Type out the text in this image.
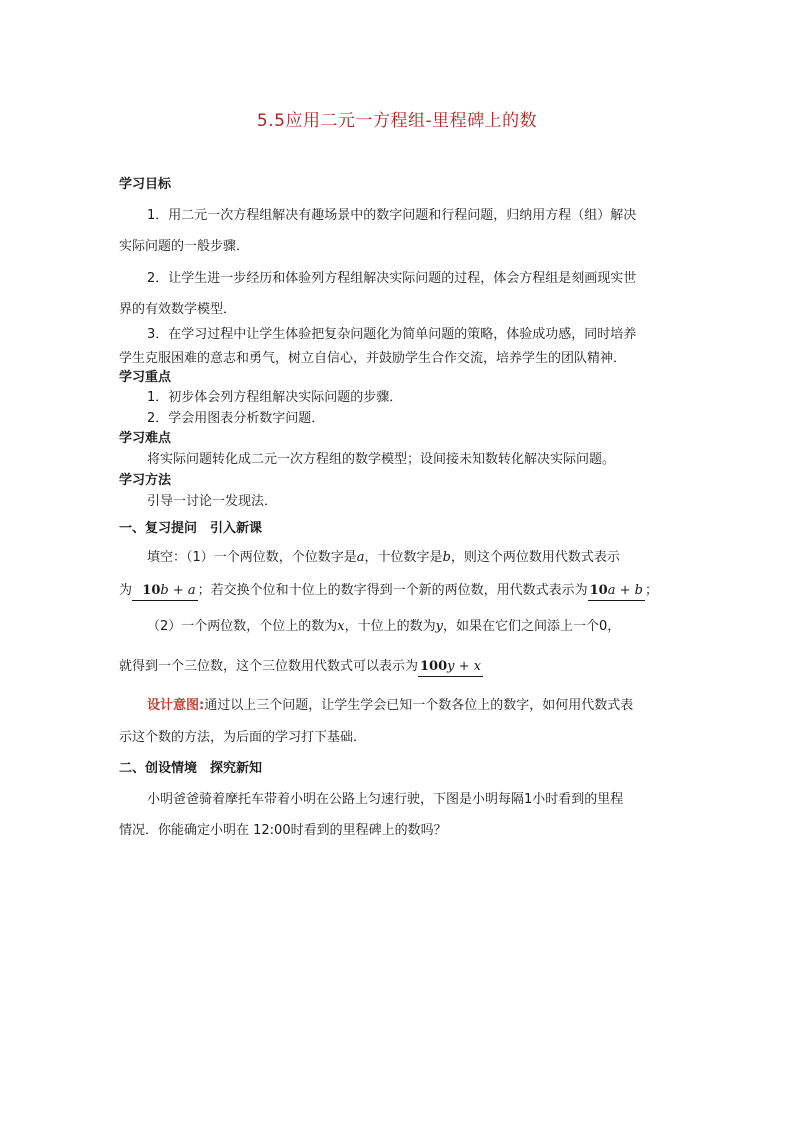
5.5应用二元一方程组-里程碑上的数
学习目标
1．用二元一次方程组解决有趣场景中的数字问题和行程问题，归纳用方程（组）解决
实际问题的一般步骤．
2．让学生进一步经历和体验列方程组解决实际问题的过程，体会方程组是刻画现实世
界的有效数学模型．
3．在学习过程中让学生体验把复杂问题化为简单问题的策略，体验成功感，同时培养
学生克服困难的意志和勇气，树立自信心，并鼓励学生合作交流，培养学生的团队精神．
学习重点
1．初步体会列方程组解决实际问题的步骤．
2．学会用图表分析数字问题．
学习难点
将实际问题转化成二元一次方程组的数学模型；设间接未知数转化解决实际问题。
学习方法
引导一讨论一发现法．
一、复习提问　引入新课
填空：（1）一个两位数，个位数字是a，十位数字是b，则这个两位数用代数式表示
为 10b + a ；若交换个位和十位上的数字得到一个新的两位数，用代数式表示为 10a + b ；
（2）一个两位数，个位上的数为x，十位上的数为y，如果在它们之间添上一个0，
就得到一个三位数，这个三位数用代数式可以表示为 100y + x
设计意图:通过以上三个问题，让学生学会已知一个数各位上的数字，如何用代数式表
示这个数的方法，为后面的学习打下基础．
二、创设情境　探究新知
小明爸爸骑着摩托车带着小明在公路上匀速行驶，下图是小明每隔1小时看到的里程
情况．你能确定小明在 12:00时看到的里程碑上的数吗？
